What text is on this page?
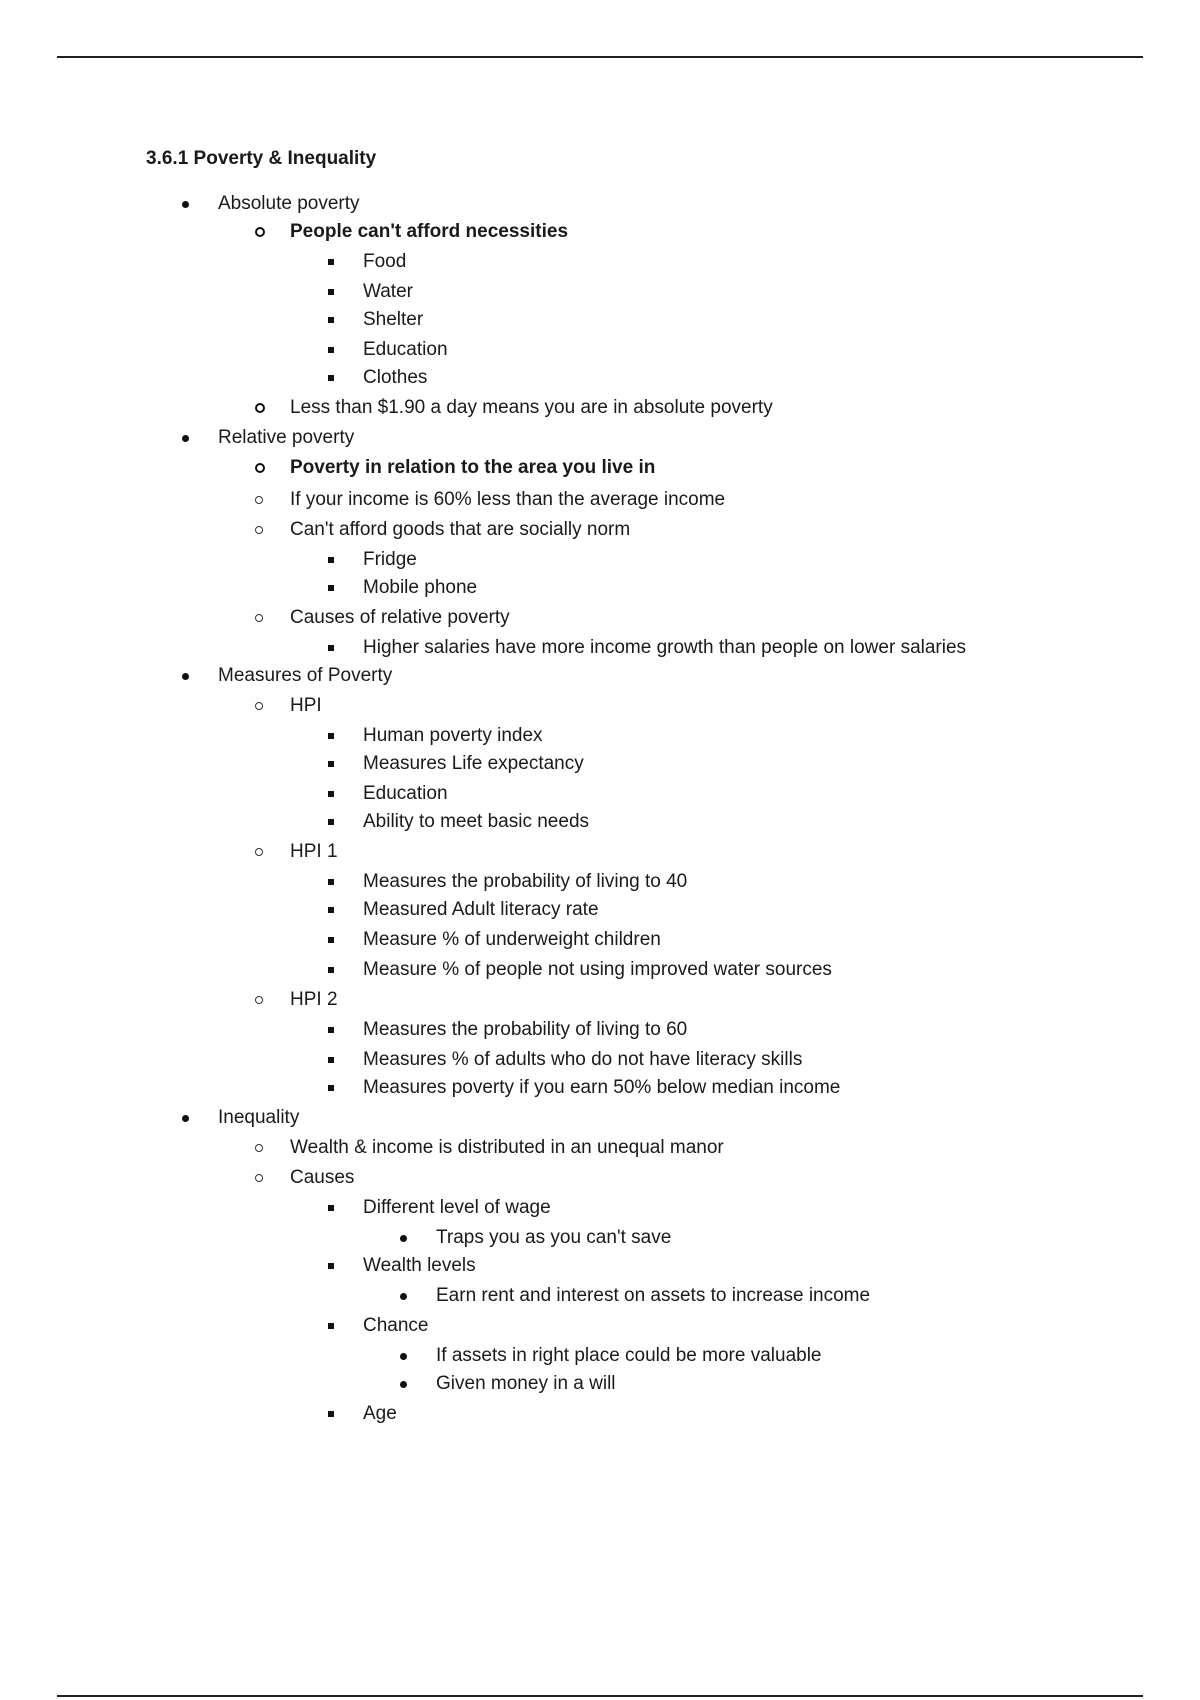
3.6.1 Poverty & Inequality
Absolute poverty
People can't afford necessities
Food
Water
Shelter
Education
Clothes
Less than $1.90 a day means you are in absolute poverty
Relative poverty
Poverty in relation to the area you live in
If your income is 60% less than the average income
Can't afford goods that are socially norm
Fridge
Mobile phone
Causes of relative poverty
Higher salaries have more income growth than people on lower salaries
Measures of Poverty
HPI
Human poverty index
Measures Life expectancy
Education
Ability to meet basic needs
HPI 1
Measures the probability of living to 40
Measured Adult literacy rate
Measure % of underweight children
Measure % of people not using improved water sources
HPI 2
Measures the probability of living to 60
Measures % of adults who do not have literacy skills
Measures poverty if you earn 50% below median income
Inequality
Wealth & income is distributed in an unequal manor
Causes
Different level of wage
Traps you as you can't save
Wealth levels
Earn rent and interest on assets to increase income
Chance
If assets in right place could be more valuable
Given money in a will
Age
